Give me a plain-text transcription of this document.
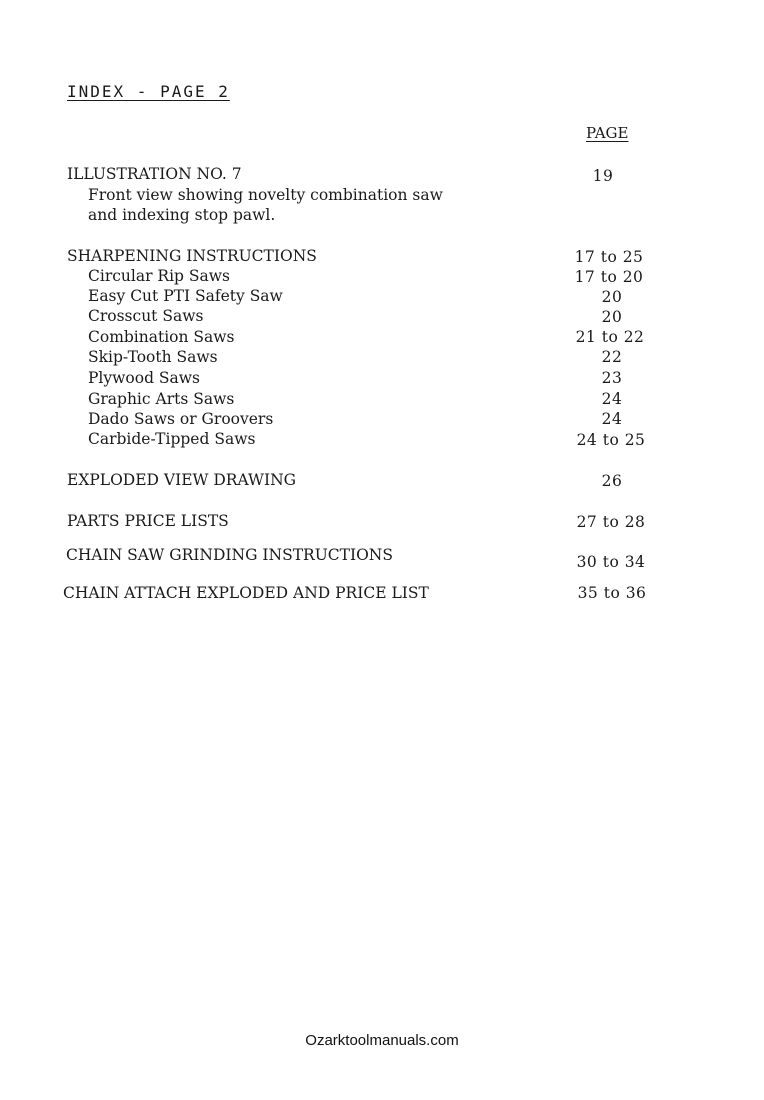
INDEX - PAGE 2
PAGE
ILLUSTRATION NO. 7	19
Front view showing novelty combination saw
and indexing stop pawl.
SHARPENING INSTRUCTIONS	17 to 25
Circular Rip Saws	17 to 20
Easy Cut PTI Safety Saw	20
Crosscut Saws	20
Combination Saws	21 to 22
Skip-Tooth Saws	22
Plywood Saws	23
Graphic Arts Saws	24
Dado Saws or Groovers	24
Carbide-Tipped Saws	24 to 25
EXPLODED VIEW DRAWING	26
PARTS PRICE LISTS	27 to 28
CHAIN SAW GRINDING INSTRUCTIONS	30 to 34
CHAIN ATTACH EXPLODED AND PRICE LIST	35 to 36
Ozarktoolmanuals.com
